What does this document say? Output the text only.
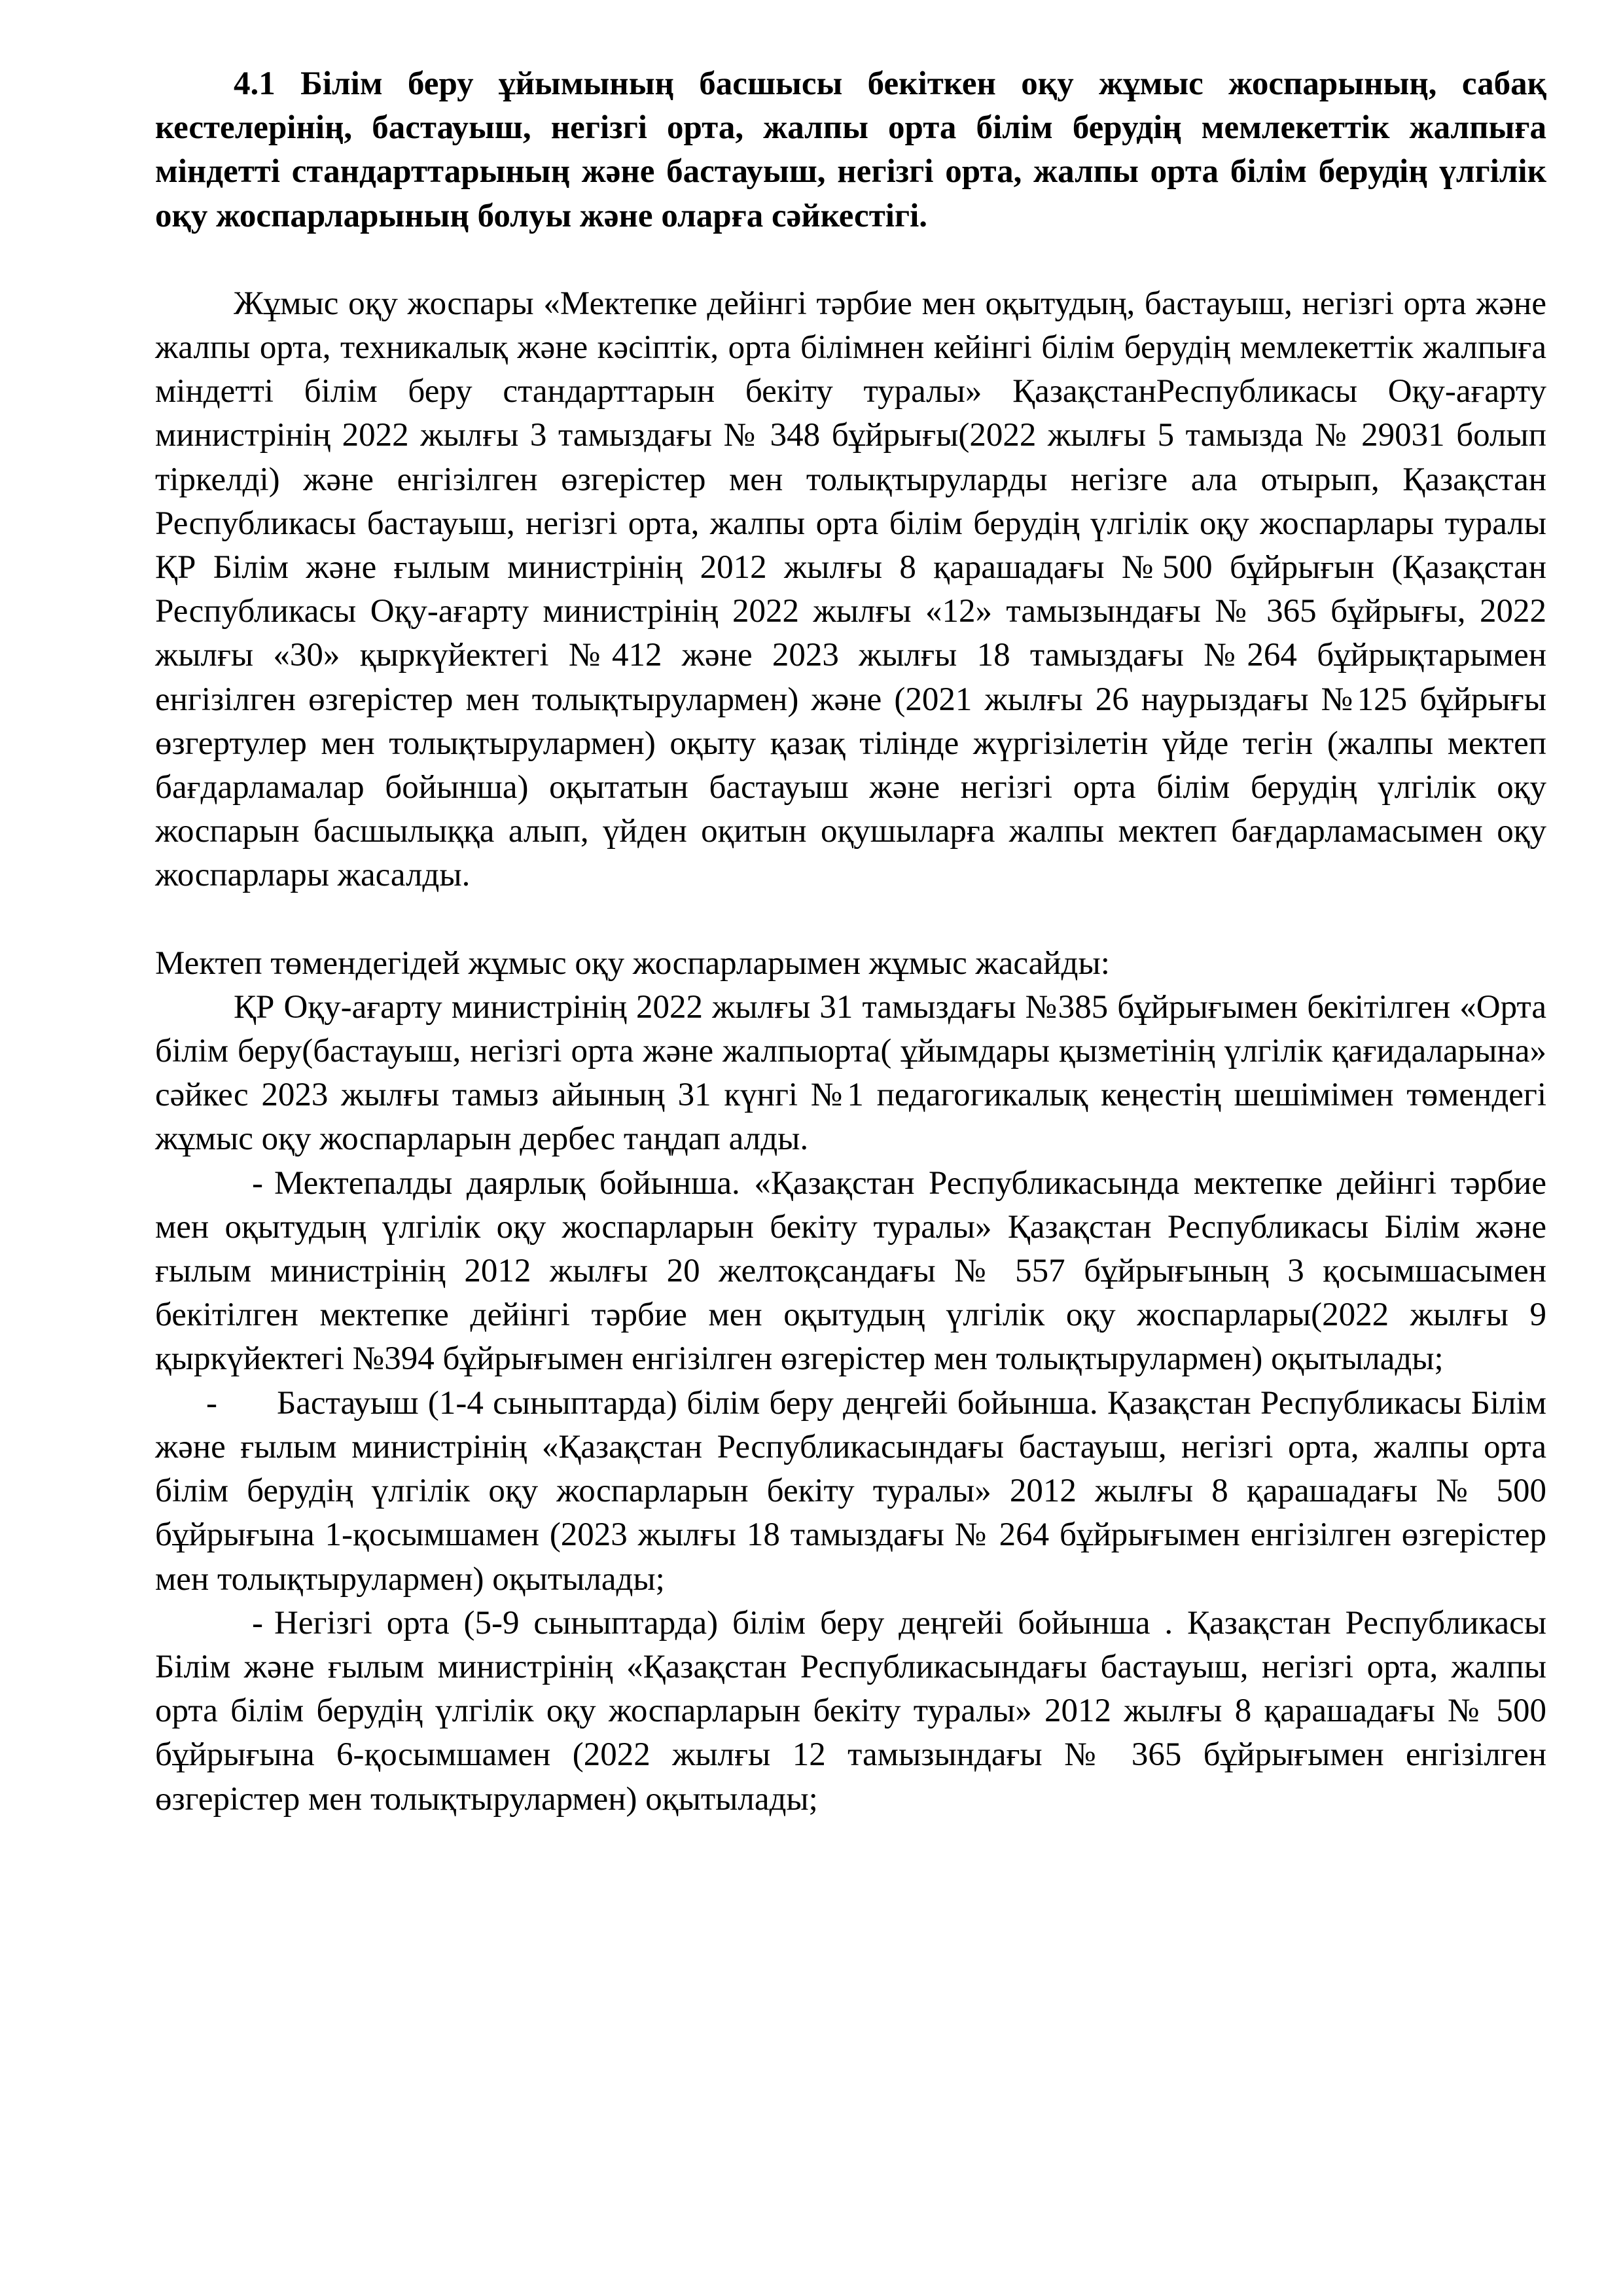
4.1 Білім беру ұйымының басшысы бекіткен оқу жұмыс жоспарының, сабақ кестелерінің, бастауыш, негізгі орта, жалпы орта білім берудің мемлекеттік жалпыға міндетті стандарттарының және бастауыш, негізгі орта, жалпы орта білім берудің үлгілік оқу жоспарларының болуы және оларға сәйкестігі.

Жұмыс оқу жоспары «Мектепке дейінгі тәрбие мен оқытудың, бастауыш, негізгі орта және жалпы орта, техникалық және кәсіптік, орта білімнен кейінгі білім берудің мемлекеттік жалпыға міндетті білім беру стандарттарын бекіту туралы» ҚазақстанРеспубликасы Оқу-ағарту министрінің 2022 жылғы 3 тамыздағы № 348 бұйрығы(2022 жылғы 5 тамызда № 29031 болып тіркелді) және енгізілген өзгерістер мен толықтыруларды негізге ала отырып, Қазақстан Республикасы бастауыш, негізгі орта, жалпы орта білім берудің үлгілік оқу жоспарлары туралы ҚР Білім және ғылым министрінің 2012 жылғы 8 қарашадағы №500 бұйрығын (Қазақстан Республикасы Оқу-ағарту министрінің 2022 жылғы «12» тамызындағы № 365 бұйрығы, 2022 жылғы «30» қыркүйектегі №412 және 2023 жылғы 18 тамыздағы №264 бұйрықтарымен енгізілген өзгерістер мен толықтырулармен) және (2021 жылғы 26 наурыздағы №125 бұйрығы өзгертулер мен толықтырулармен) оқыту қазақ тілінде жүргізілетін үйде тегін (жалпы мектеп бағдарламалар бойынша) оқытатын бастауыш және негізгі орта білім берудің үлгілік оқу жоспарын басшылыққа алып, үйден оқитын оқушыларға жалпы мектеп бағдарламасымен оқу жоспарлары жасалды.

Мектеп төмендегідей жұмыс оқу жоспарларымен жұмыс жасайды:

ҚР Оқу-ағарту министрінің 2022 жылғы 31 тамыздағы №385 бұйрығымен бекітілген «Орта білім беру(бастауыш, негізгі орта және жалпыорта( ұйымдары қызметінің үлгілік қағидаларына» сәйкес 2023 жылғы тамыз айының 31 күнгі №1 педагогикалық кеңестің шешімімен төмендегі жұмыс оқу жоспарларын дербес таңдап алды.

- Мектепалды даярлық бойынша. «Қазақстан Республикасында мектепке дейінгі тәрбие мен оқытудың үлгілік оқу жоспарларын бекіту туралы» Қазақстан Республикасы Білім және ғылым министрінің 2012 жылғы 20 желтоқсандағы № 557 бұйрығының 3 қосымшасымен бекітілген мектепке дейінгі тәрбие мен оқытудың үлгілік оқу жоспарлары(2022 жылғы 9 қыркүйектегі №394 бұйрығымен енгізілген өзгерістер мен толықтырулармен) оқытылады;

- Бастауыш (1-4 сыныптарда) білім беру деңгейі бойынша. Қазақстан Республикасы Білім және ғылым министрінің «Қазақстан Республикасындағы бастауыш, негізгі орта, жалпы орта білім берудің үлгілік оқу жоспарларын бекіту туралы» 2012 жылғы 8 қарашадағы № 500 бұйрығына 1-қосымшамен (2023 жылғы 18 тамыздағы № 264 бұйрығымен енгізілген өзгерістер мен толықтырулармен) оқытылады;

- Негізгі орта (5-9 сыныптарда) білім беру деңгейі бойынша . Қазақстан Республикасы Білім және ғылым министрінің «Қазақстан Республикасындағы бастауыш, негізгі орта, жалпы орта білім берудің үлгілік оқу жоспарларын бекіту туралы» 2012 жылғы 8 қарашадағы № 500 бұйрығына 6-қосымшамен (2022 жылғы 12 тамызындағы № 365 бұйрығымен енгізілген өзгерістер мен толықтырулармен) оқытылады;
